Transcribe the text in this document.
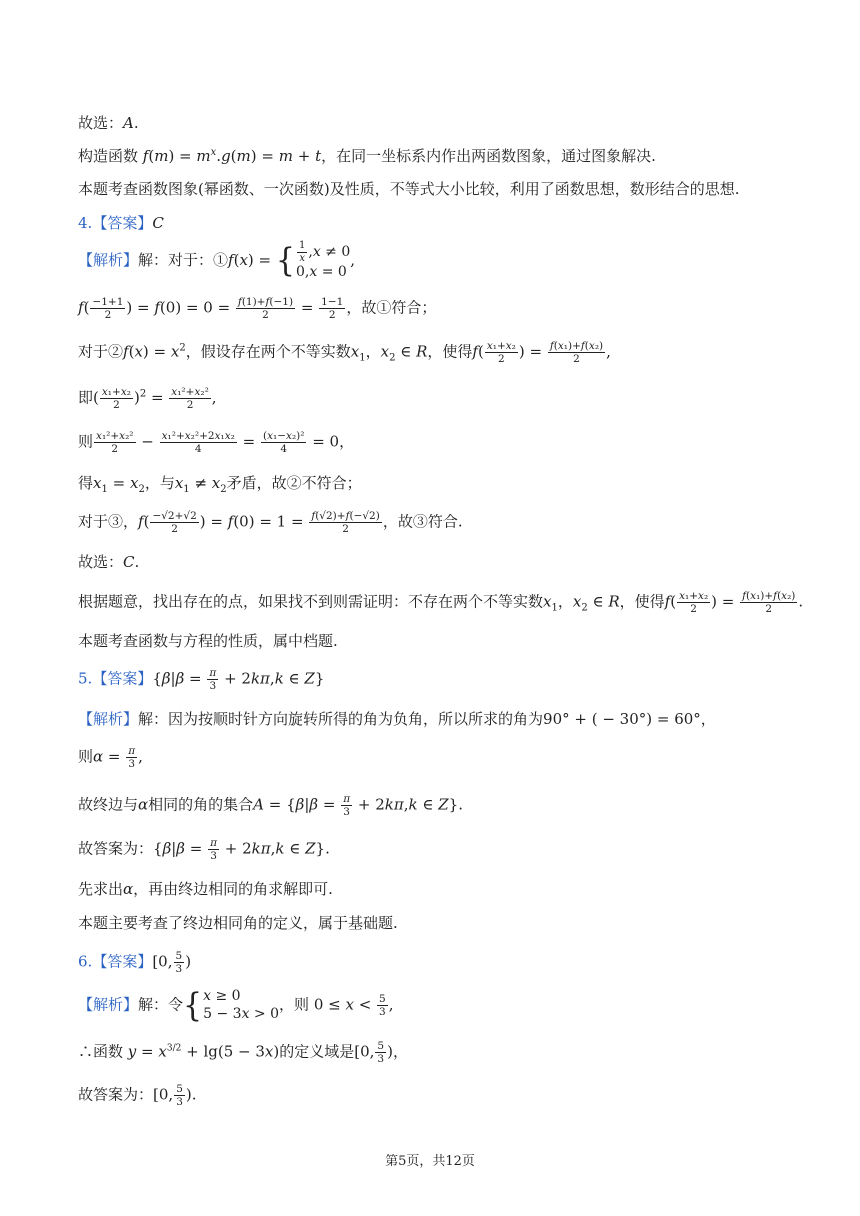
故选：A.
构造函数 $f(m) = m^x.g(m) = m + t$，在同一坐标系内作出两函数图象，通过图象解决.
本题考查函数图象(幂函数、一次函数)及性质，不等式大小比较，利用了函数思想，数形结合的思想.
4.【答案】C
【解析】解：对于：①f(x) = { $\frac{1}{x} ,x \ne 0$
0,x = 0
,
$f( \frac{-1+1}{2}$ ) = $f(0) = 0 = \frac{f(1)+f(-1)}{2} = \frac{1-1}{2}$ ，故①符合；
对于②f(x) = $x^2$，假设存在两个不等实数$x_1$，$x_2$ ∈ R，使得$f( \frac{\text{x₁+x₂}}{2}$ ) = $\frac{\text{f(x₁)+f(x₂)}}{2}$ ,
即( $\frac{\text{x₁+x₂}}{2} )^2 = \frac{\text{x₁²+x₂²}}{2}$ ,
则 $\frac{\text{x₁²+x₂²}}{2} - \frac{\text{x₁²+x₂²+2x₁x₂}}{4} = \frac{\text{(x₁−x₂)²}}{4} = 0$，
得$x_1 = x_2$，与$x_1 \ne x_2$矛盾，故②不符合；
对于③，$f( \frac{-√2+√2}{2}$ ) = $f(0) = 1 = \frac{f(√2)+f(-√2)}{2}$ ，故③符合.
故选：C.
根据题意，找出存在的点，如果找不到则需证明：不存在两个不等实数$x_1$，$x_2$ ∈ R，使得$f( \frac{\text{x₁+x₂}}{2}$ ) = $\frac{\text{f(x₁)+f(x₂)}}{2}$ .
本题考查函数与方程的性质，属中档题.
5.【答案】{$\beta|\beta = \frac{\pi}{3} + 2k\pi,k$ ∈ Z}
【解析】解：因为按顺时针方向旋转所得的角为负角，所以所求的角为90° + ( − 30°) = 60°，
则$\alpha = \frac{\pi}{3}$ ,
故终边与α相同的角的集合$A = \{\beta|\beta = \frac{\pi}{3} + 2k\pi,k$ ∈ Z}.
故答案为：{$\beta|\beta = \frac{\pi}{3} + 2k\pi,k$ ∈ Z}.
先求出α，再由终边相同的角求解即可.
本题主要考查了终边相同角的定义，属于基础题.
6.【答案】[0, $\frac{5}{3}$ )
【解析】解：令{ x ≥ 0
5 − 3x > 0 ，则 $0 \le x < \frac{5}{3}$ ,
∴函数 $y = x^{3/2} + \lg(5 - 3x)$的定义域是[0, $\frac{5}{3}$ )，
故答案为：[0, $\frac{5}{3}$ ).
第5页，共12页
